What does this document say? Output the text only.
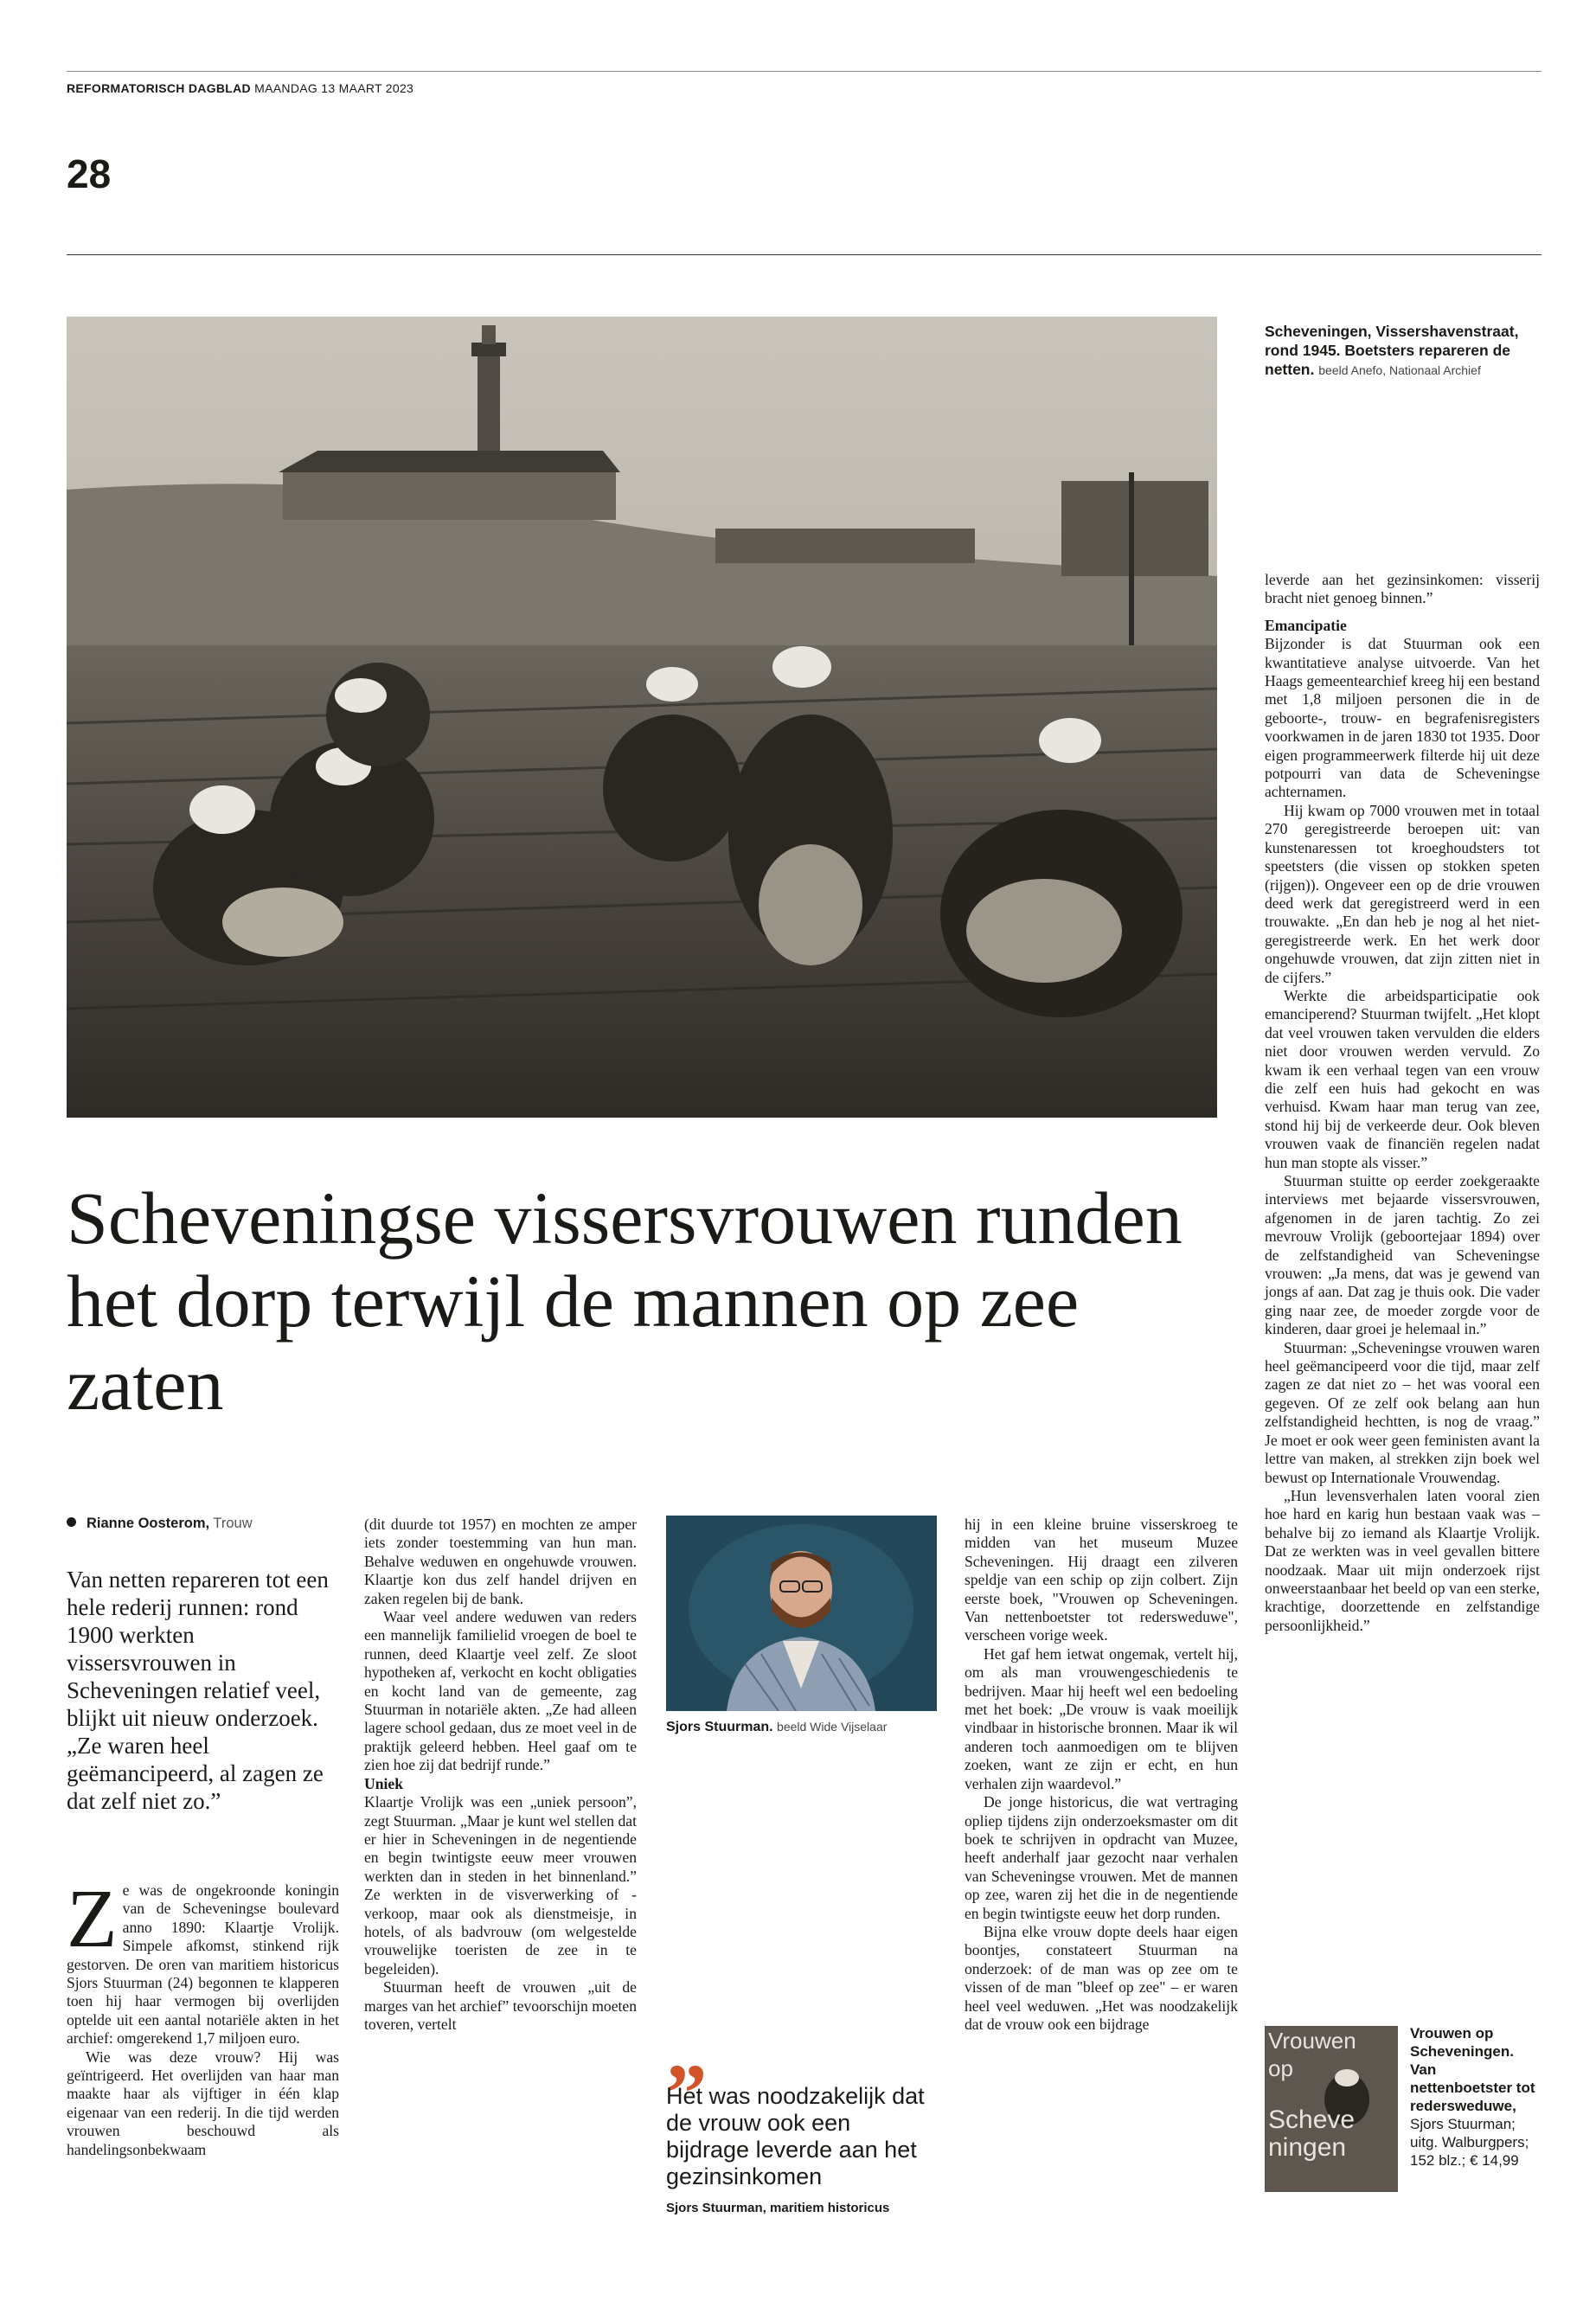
REFORMATORISCH DAGBLAD MAANDAG 13 MAART 2023
28
Scheveningen, Vissershavenstraat, rond 1945. Boetsters repareren de netten. beeld Anefo, Nationaal Archief
Scheveningse vissersvrouwen runden het dorp terwijl de mannen op zee zaten
Rianne Oosterom, Trouw
Van netten repareren tot een hele rederij runnen: rond 1900 werkten vissersvrouwen in Scheveningen relatief veel, blijkt uit nieuw onderzoek. „Ze waren heel geëmancipeerd, al zagen ze dat zelf niet zo.”

Ze was de ongekroonde koningin van de Scheveningse boulevard anno 1890: Klaartje Vrolijk. Simpele afkomst, stinkend rijk gestorven. De oren van maritiem historicus Sjors Stuurman (24) begonnen te klapperen toen hij haar vermogen bij overlijden optelde uit een aantal notariële akten in het archief: omgerekend 1,7 miljoen euro.

Wie was deze vrouw? Hij was geïntrigeerd. Het overlijden van haar man maakte haar als vijftiger in één klap eigenaar van een rederij. In die tijd werden vrouwen beschouwd als handelingsonbekwaam

(dit duurde tot 1957) en mochten ze amper iets zonder toestemming van hun man. Behalve weduwen en ongehuwde vrouwen. Klaartje kon dus zelf handel drijven en zaken regelen bij de bank.

Waar veel andere weduwen van reders een mannelijk familielid vroegen de boel te runnen, deed Klaartje veel zelf. Ze sloot hypotheken af, verkocht en kocht obligaties en kocht land van de gemeente, zag Stuurman in notariële akten. „Ze had alleen lagere school gedaan, dus ze moet veel in de praktijk geleerd hebben. Heel gaaf om te zien hoe zij dat bedrijf runde.”

Uniek

Klaartje Vrolijk was een „uniek persoon”, zegt Stuurman. „Maar je kunt wel stellen dat er hier in Scheveningen in de negentiende en begin twintigste eeuw meer vrouwen werkten dan in steden in het binnenland.” Ze werkten in de visverwerking of -verkoop, maar ook als dienstmeisje, in hotels, of als badvrouw (om welgestelde vrouwelijke toeristen de zee in te begeleiden).

Stuurman heeft de vrouwen „uit de marges van het archief” tevoorschijn moeten toveren, vertelt

Sjors Stuurman. beeld Wide Vijselaar
„
Het was noodzakelijk dat de vrouw ook een bijdrage leverde aan het gezinsinkomen
Sjors Stuurman, maritiem historicus

hij in een kleine bruine visserskroeg te midden van het museum Muzee Scheveningen. Hij draagt een zilveren speldje van een schip op zijn colbert. Zijn eerste boek, "Vrouwen op Scheveningen. Van nettenboetster tot redersweduwe", verscheen vorige week.

Het gaf hem ietwat ongemak, vertelt hij, om als man vrouwengeschiedenis te bedrijven. Maar hij heeft wel een bedoeling met het boek: „De vrouw is vaak moeilijk vindbaar in historische bronnen. Maar ik wil anderen toch aanmoedigen om te blijven zoeken, want ze zijn er echt, en hun verhalen zijn waardevol.”

De jonge historicus, die wat vertraging opliep tijdens zijn onderzoeksmaster om dit boek te schrijven in opdracht van Muzee, heeft anderhalf jaar gezocht naar verhalen van Scheveningse vrouwen. Met de mannen op zee, waren zij het die in de negentiende en begin twintigste eeuw het dorp runden.

Bijna elke vrouw dopte deels haar eigen boontjes, constateert Stuurman na onderzoek: of de man was op zee om te vissen of de man "bleef op zee" – er waren heel veel weduwen. „Het was noodzakelijk dat de vrouw ook een bijdrage

leverde aan het gezinsinkomen: visserij bracht niet genoeg binnen.”

Emancipatie

Bijzonder is dat Stuurman ook een kwantitatieve analyse uitvoerde. Van het Haags gemeentearchief kreeg hij een bestand met 1,8 miljoen personen die in de geboorte-, trouw- en begrafenisregisters voorkwamen in de jaren 1830 tot 1935. Door eigen programmeerwerk filterde hij uit deze potpourri van data de Scheveningse achternamen.

Hij kwam op 7000 vrouwen met in totaal 270 geregistreerde beroepen uit: van kunstenaressen tot kroeghoudsters tot speetsters (die vissen op stokken speten (rijgen)). Ongeveer een op de drie vrouwen deed werk dat geregistreerd werd in een trouwakte. „En dan heb je nog al het niet-geregistreerde werk. En het werk door ongehuwde vrouwen, dat zijn zitten niet in de cijfers.”

Werkte die arbeidsparticipatie ook emanciperend? Stuurman twijfelt. „Het klopt dat veel vrouwen taken vervulden die elders niet door vrouwen werden vervuld. Zo kwam ik een verhaal tegen van een vrouw die zelf een huis had gekocht en was verhuisd. Kwam haar man terug van zee, stond hij bij de verkeerde deur. Ook bleven vrouwen vaak de financiën regelen nadat hun man stopte als visser.”

Stuurman stuitte op eerder zoekgeraakte interviews met bejaarde vissersvrouwen, afgenomen in de jaren tachtig. Zo zei mevrouw Vrolijk (geboortejaar 1894) over de zelfstandigheid van Scheveningse vrouwen: „Ja mens, dat was je gewend van jongs af aan. Dat zag je thuis ook. Die vader ging naar zee, de moeder zorgde voor de kinderen, daar groei je helemaal in.”

Stuurman: „Scheveningse vrouwen waren heel geëmancipeerd voor die tijd, maar zelf zagen ze dat niet zo – het was vooral een gegeven. Of ze zelf ook belang aan hun zelfstandigheid hechtten, is nog de vraag.” Je moet er ook weer geen feministen avant la lettre van maken, al strekken zijn boek wel bewust op Internationale Vrouwendag.

„Hun levensverhalen laten vooral zien hoe hard en karig hun bestaan vaak was – behalve bij zo iemand als Klaartje Vrolijk. Dat ze werkten was in veel gevallen bittere noodzaak. Maar uit mijn onderzoek rijst onweerstaanbaar het beeld op van een sterke, krachtige, doorzettende en zelfstandige persoonlijkheid.”

Vrouwen
op
Scheve
ningen
Vrouwen op Scheveningen. Van nettenboetster tot redersweduwe, Sjors Stuurman; uitg. Walburgpers; 152 blz.; € 14,99
